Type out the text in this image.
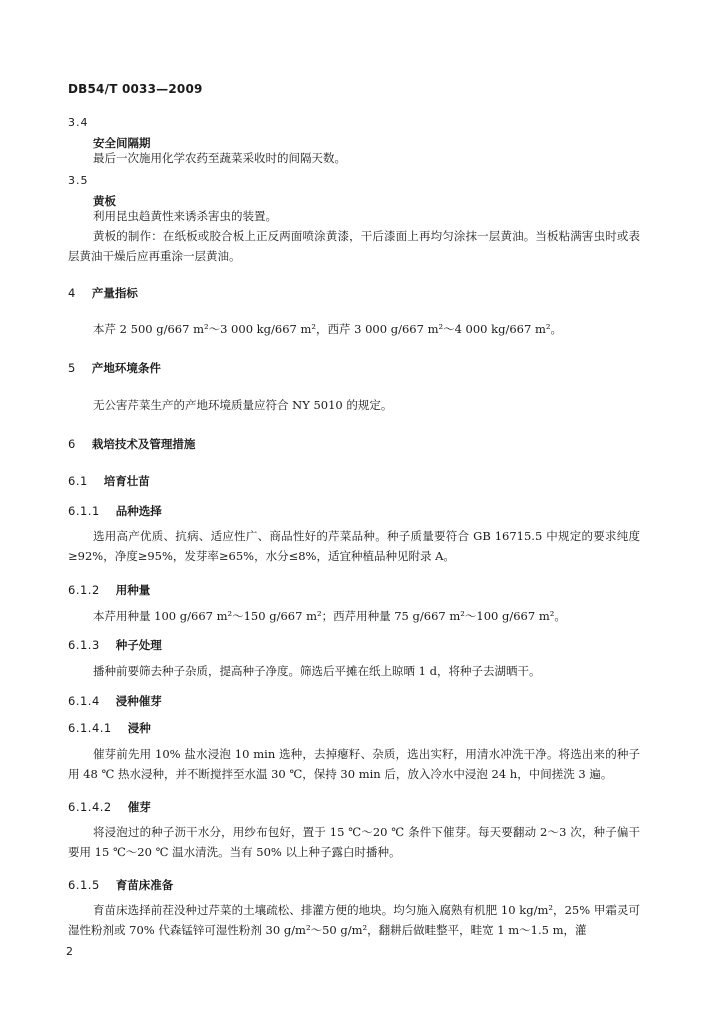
DB54/T 0033—2009
3.4
安全间隔期
最后一次施用化学农药至蔬菜采收时的间隔天数。
3.5
黄板
利用昆虫趋黄性来诱杀害虫的装置。
黄板的制作：在纸板或胶合板上正反两面喷涂黄漆，干后漆面上再均匀涂抹一层黄油。当板粘满害虫时或表层黄油干燥后应再重涂一层黄油。
4 产量指标
本芹 2 500 g/667 m²～3 000 kg/667 m²，西芹 3 000 g/667 m²～4 000 kg/667 m²。
5 产地环境条件
无公害芹菜生产的产地环境质量应符合 NY 5010 的规定。
6 栽培技术及管理措施
6.1 培育壮苗
6.1.1 品种选择
选用高产优质、抗病、适应性广、商品性好的芹菜品种。种子质量要符合 GB 16715.5 中规定的要求纯度≥92%，净度≥95%，发芽率≥65%，水分≤8%，适宜种植品种见附录 A。
6.1.2 用种量
本芹用种量 100 g/667 m²～150 g/667 m²；西芹用种量 75 g/667 m²～100 g/667 m²。
6.1.3 种子处理
播种前要筛去种子杂质，提高种子净度。筛选后平摊在纸上晾晒 1 d，将种子去湖晒干。
6.1.4 浸种催芽
6.1.4.1 浸种
催芽前先用 10% 盐水浸泡 10 min 选种，去掉瘪籽、杂质，选出实籽，用清水冲洗干净。将选出来的种子用 48 ℃ 热水浸种，并不断搅拌至水温 30 ℃，保持 30 min 后，放入冷水中浸泡 24 h，中间搓洗 3 遍。
6.1.4.2 催芽
将浸泡过的种子沥干水分，用纱布包好，置于 15 ℃～20 ℃ 条件下催芽。每天要翻动 2～3 次，种子偏干要用 15 ℃～20 ℃ 温水清洗。当有 50% 以上种子露白时播种。
6.1.5 育苗床准备
育苗床选择前茬没种过芹菜的土壤疏松、排灌方便的地块。均匀施入腐熟有机肥 10 kg/m²，25% 甲霜灵可湿性粉剂或 70% 代森锰锌可湿性粉剂 30 g/m²～50 g/m²，翻耕后做畦整平，畦宽 1 m～1.5 m，灌
2
